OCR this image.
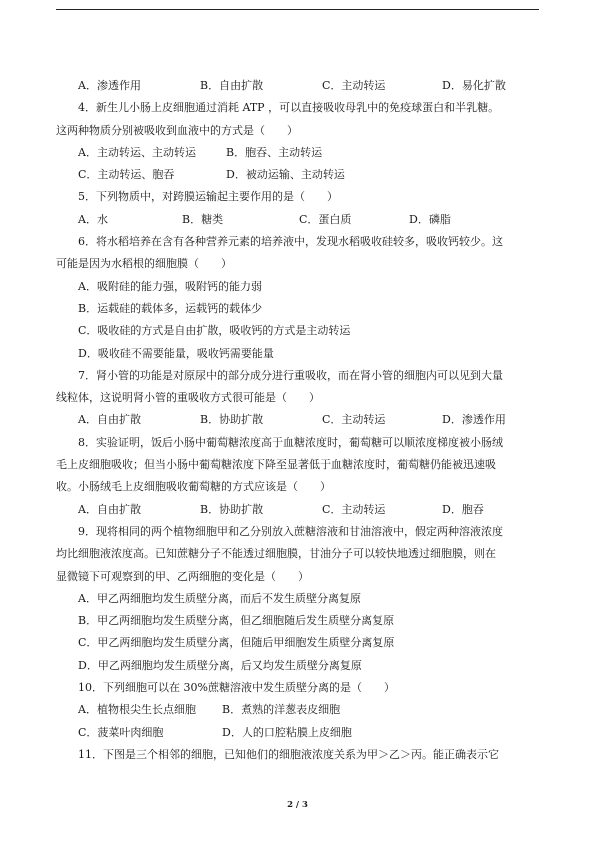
A．渗透作用	B．自由扩散	C．主动转运	D．易化扩散
4．新生儿小肠上皮细胞通过消耗 ATP ，可以直接吸收母乳中的免疫球蛋白和半乳糖。
这两种物质分别被吸收到血液中的方式是（　　）
A．主动转运、主动转运	B．胞吞、主动转运
C．主动转运、胞吞	D．被动运输、主动转运
5．下列物质中，对跨膜运输起主要作用的是（　　）
A．水	B．糖类	C．蛋白质	D．磷脂
6．将水稻培养在含有各种营养元素的培养液中，发现水稻吸收硅较多，吸收钙较少。这
可能是因为水稻根的细胞膜（　　）
A．吸附硅的能力强，吸附钙的能力弱
B．运载硅的载体多，运载钙的载体少
C．吸收硅的方式是自由扩散，吸收钙的方式是主动转运
D．吸收硅不需要能量，吸收钙需要能量
7．肾小管的功能是对原尿中的部分成分进行重吸收，而在肾小管的细胞内可以见到大量
线粒体，这说明肾小管的重吸收方式很可能是（　　）
A．自由扩散	B．协助扩散	C．主动转运	D．渗透作用
8．实验证明，饭后小肠中葡萄糖浓度高于血糖浓度时，葡萄糖可以顺浓度梯度被小肠绒
毛上皮细胞吸收；但当小肠中葡萄糖浓度下降至显著低于血糖浓度时，葡萄糖仍能被迅速吸
收。小肠绒毛上皮细胞吸收葡萄糖的方式应该是（　　）
A．自由扩散	B．协助扩散	C．主动转运	D．胞吞
9．现将相同的两个植物细胞甲和乙分别放入蔗糖溶液和甘油溶液中，假定两种溶液浓度
均比细胞液浓度高。已知蔗糖分子不能透过细胞膜，甘油分子可以较快地透过细胞膜，则在
显微镜下可观察到的甲、乙两细胞的变化是（　　）
A．甲乙两细胞均发生质壁分离，而后不发生质壁分离复原
B．甲乙两细胞均发生质壁分离，但乙细胞随后发生质壁分离复原
C．甲乙两细胞均发生质壁分离，但随后甲细胞发生质壁分离复原
D．甲乙两细胞均发生质壁分离，后又均发生质壁分离复原
10．下列细胞可以在 30%蔗糖溶液中发生质壁分离的是（　　）
A．植物根尖生长点细胞	B．煮熟的洋葱表皮细胞
C．菠菜叶肉细胞	D．人的口腔粘膜上皮细胞
11．下图是三个相邻的细胞，已知他们的细胞液浓度关系为甲＞乙＞丙。能正确表示它
2 / 3
